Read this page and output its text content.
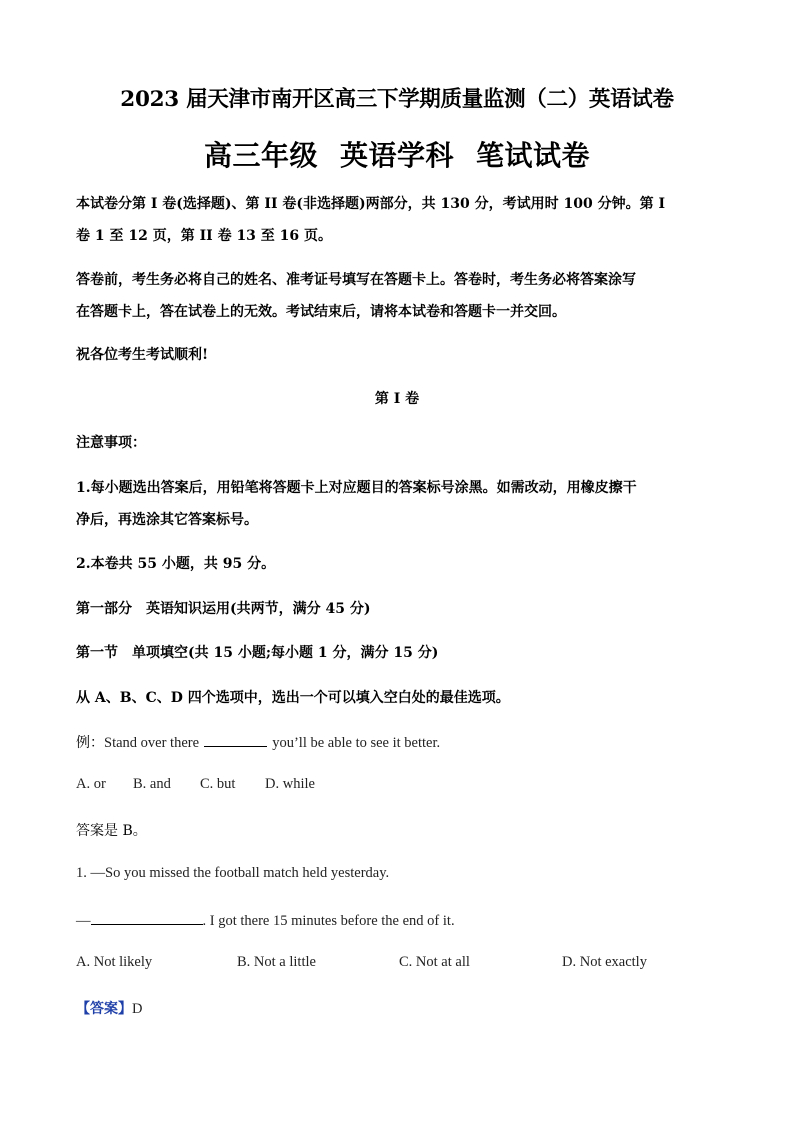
2023 届天津市南开区高三下学期质量监测（二）英语试卷
高三年级 英语学科 笔试试卷
本试卷分第 I 卷(选择题)、第 II 卷(非选择题)两部分，共 130 分，考试用时 100 分钟。第 I
卷 1 至 12 页，第 II 卷 13 至 16 页。
答卷前，考生务必将自己的姓名、准考证号填写在答题卡上。答卷时，考生务必将答案涂写
在答题卡上，答在试卷上的无效。考试结束后，请将本试卷和答题卡一并交回。
祝各位考生考试顺利!
第 I 卷
注意事项：
1.每小题选出答案后，用铅笔将答题卡上对应题目的答案标号涂黑。如需改动，用橡皮擦干
净后，再选涂其它答案标号。
2.本卷共 55 小题，共 95 分。
第一部分　英语知识运用(共两节，满分 45 分)
第一节　单项填空(共 15 小题;每小题 1 分，满分 15 分)
从 A、B、C、D 四个选项中，选出一个可以填入空白处的最佳选项。
例：Stand over there	you’ll be able to see it better.
A. or B. and C. but D. while
答案是 B。
1. —So you missed the football match held yesterday.
—	. I got there 15 minutes before the end of it.
A. Not likely	B. Not a little	C. Not at all	D. Not exactly
【答案】D
